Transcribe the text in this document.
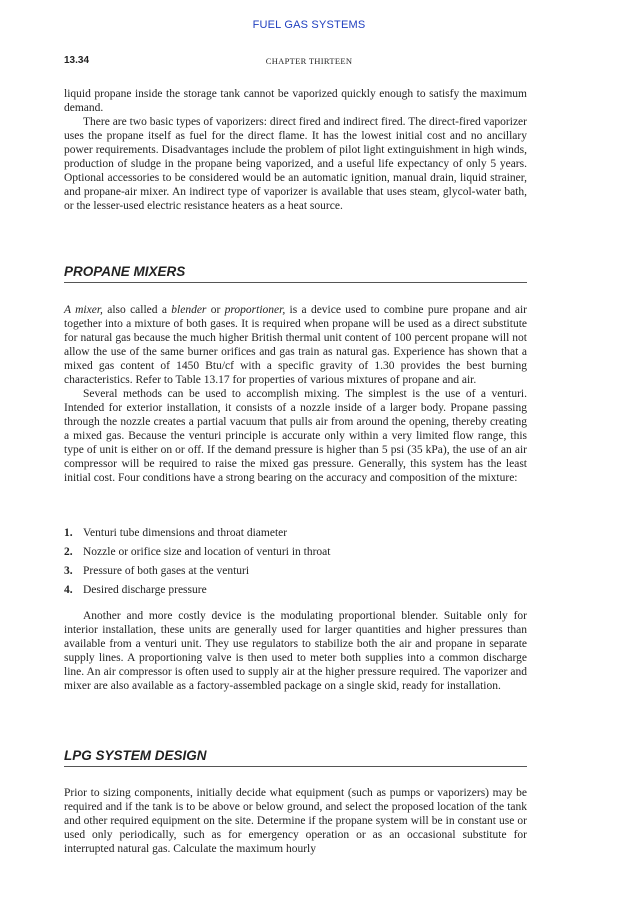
FUEL GAS SYSTEMS
13.34	CHAPTER THIRTEEN

liquid propane inside the storage tank cannot be vaporized quickly enough to satisfy the maximum demand.

There are two basic types of vaporizers: direct fired and indirect fired. The direct-fired vaporizer uses the propane itself as fuel for the direct flame. It has the lowest initial cost and no ancillary power requirements. Disadvantages include the problem of pilot light extinguishment in high winds, production of sludge in the propane being vaporized, and a useful life expectancy of only 5 years. Optional accessories to be considered would be an automatic ignition, manual drain, liquid strainer, and propane-air mixer. An indirect type of vaporizer is available that uses steam, glycol-water bath, or the lesser-used electric resistance heaters as a heat source.

PROPANE MIXERS

A mixer, also called a blender or proportioner, is a device used to combine pure propane and air together into a mixture of both gases. It is required when propane will be used as a direct substitute for natural gas because the much higher British thermal unit content of 100 percent propane will not allow the use of the same burner orifices and gas train as natural gas. Experience has shown that a mixed gas content of 1450 Btu/cf with a specific gravity of 1.30 provides the best burning characteristics. Refer to Table 13.17 for properties of various mixtures of propane and air.

Several methods can be used to accomplish mixing. The simplest is the use of a venturi. Intended for exterior installation, it consists of a nozzle inside of a larger body. Propane passing through the nozzle creates a partial vacuum that pulls air from around the opening, thereby creating a mixed gas. Because the venturi principle is accurate only within a very limited flow range, this type of unit is either on or off. If the demand pressure is higher than 5 psi (35 kPa), the use of an air compressor will be required to raise the mixed gas pressure. Generally, this system has the least initial cost. Four conditions have a strong bearing on the accuracy and composition of the mixture:

1. Venturi tube dimensions and throat diameter
2. Nozzle or orifice size and location of venturi in throat
3. Pressure of both gases at the venturi
4. Desired discharge pressure

Another and more costly device is the modulating proportional blender. Suitable only for interior installation, these units are generally used for larger quantities and higher pressures than available from a venturi unit. They use regulators to stabilize both the air and propane in separate supply lines. A proportioning valve is then used to meter both supplies into a common discharge line. An air compressor is often used to supply air at the higher pressure required. The vaporizer and mixer are also available as a factory-assembled package on a single skid, ready for installation.

LPG SYSTEM DESIGN

Prior to sizing components, initially decide what equipment (such as pumps or vaporizers) may be required and if the tank is to be above or below ground, and select the proposed location of the tank and other required equipment on the site. Determine if the propane system will be in constant use or used only periodically, such as for emergency operation or as an occasional substitute for interrupted natural gas. Calculate the maximum hourly
